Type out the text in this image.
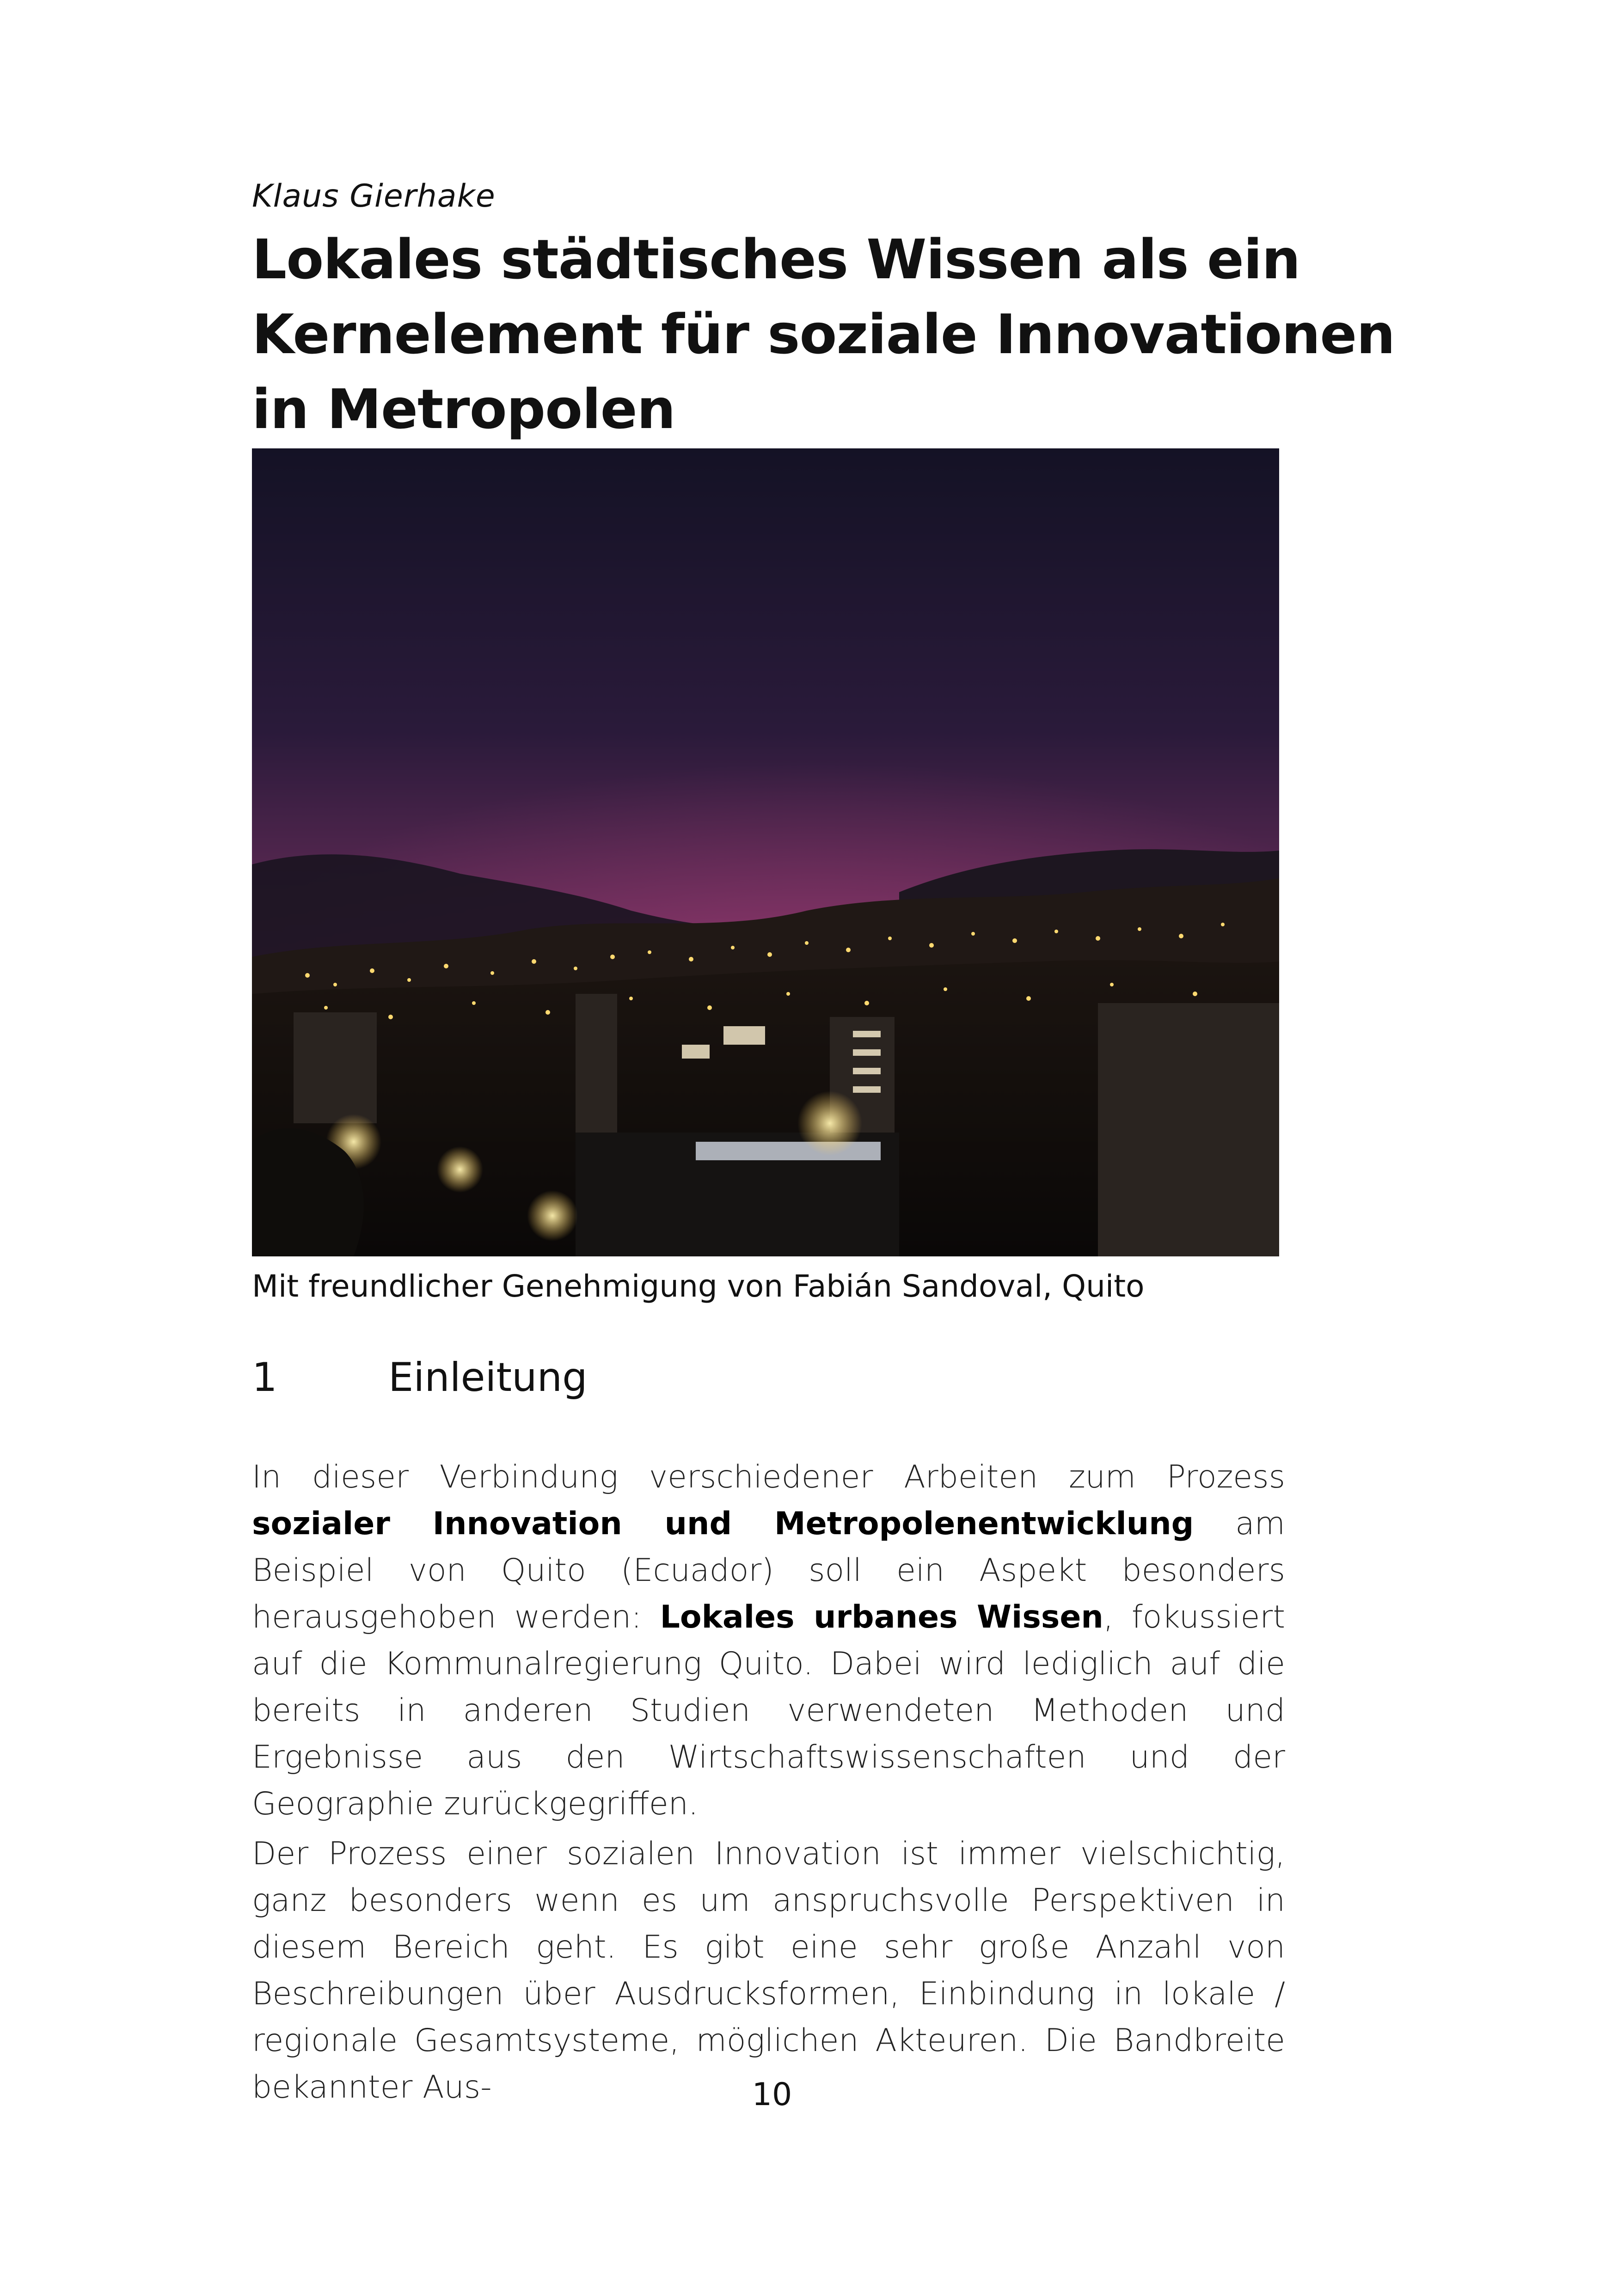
Klaus Gierhake
Lokales städtisches Wissen als ein
Kernelement für soziale Innovationen
in Metropolen
Mit freundlicher Genehmigung von Fabián Sandoval, Quito
1	Einleitung

In dieser Verbindung verschiedener Arbeiten zum Prozess sozialer Innovation und Metropolenentwicklung am Beispiel von Quito (Ecuador) soll ein Aspekt besonders herausgehoben werden: Lokales urbanes Wissen, fokussiert auf die Kommunalregierung Quito. Dabei wird lediglich auf die bereits in anderen Studien verwendeten Methoden und Ergebnisse aus den Wirtschaftswissenschaften und der Geographie zurückgegriffen.

Der Prozess einer sozialen Innovation ist immer vielschichtig, ganz besonders wenn es um anspruchsvolle Perspektiven in diesem Bereich geht. Es gibt eine sehr große Anzahl von Beschreibungen über Ausdrucksformen, Einbindung in lokale / regionale Gesamtsysteme, möglichen Akteuren. Die Bandbreite bekannter Aus-	10
